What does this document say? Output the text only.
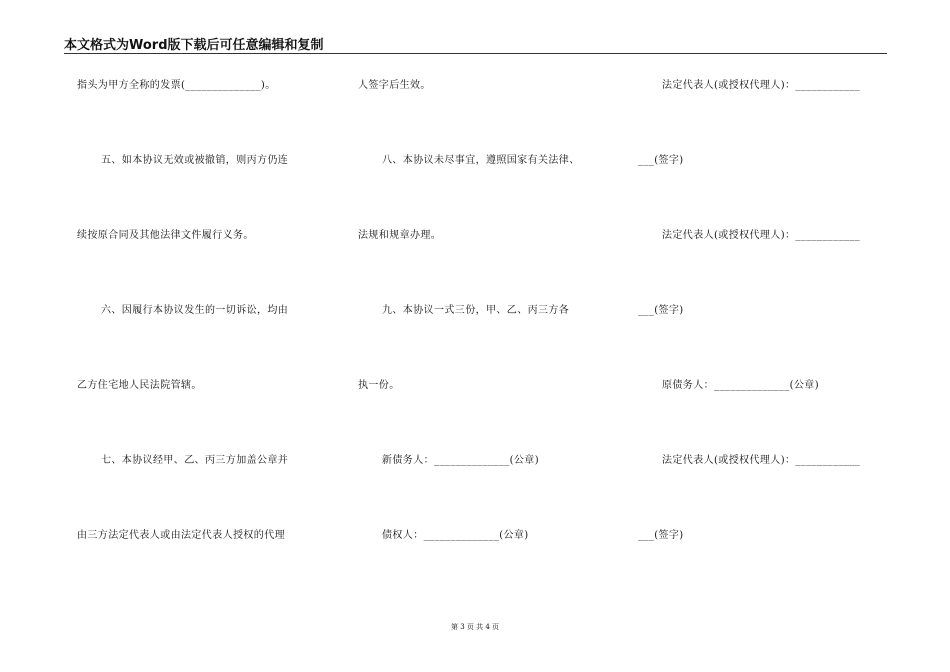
本文格式为Word版下载后可任意编辑和复制
指头为甲方全称的发票(______________)。
五、如本协议无效或被撤销，则丙方仍连
续按原合同及其他法律文件履行义务。
六、因履行本协议发生的一切诉讼，均由
乙方住宅地人民法院管辖。
七、本协议经甲、乙、丙三方加盖公章并
由三方法定代表人或由法定代表人授权的代理
人签字后生效。
八、本协议未尽事宜，遵照国家有关法律、
法规和规章办理。
九、本协议一式三份，甲、乙、丙三方各
执一份。
新债务人：______________(公章)
债权人：______________(公章)
法定代表人(或授权代理人)：____________
___(签字)
法定代表人(或授权代理人)：____________
___(签字)
原债务人：______________(公章)
法定代表人(或授权代理人)：____________
___(签字)
第 3 页 共 4 页
